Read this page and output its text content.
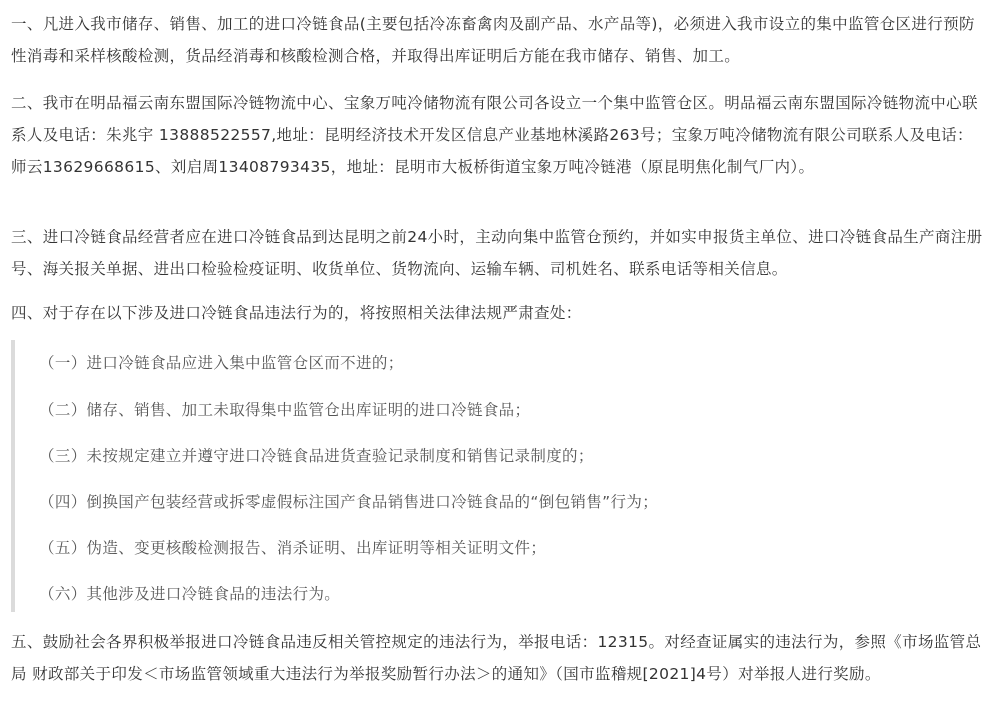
一、凡进入我市储存、销售、加工的进口冷链食品(主要包括冷冻畜禽肉及副产品、水产品等)，必须进入我市设立的集中监管仓区进行预防性消毒和采样核酸检测，货品经消毒和核酸检测合格，并取得出库证明后方能在我市储存、销售、加工。

二、我市在明品福云南东盟国际冷链物流中心、宝象万吨冷储物流有限公司各设立一个集中监管仓区。明品福云南东盟国际冷链物流中心联系人及电话：朱兆宇 13888522557,地址：昆明经济技术开发区信息产业基地林溪路263号；宝象万吨冷储物流有限公司联系人及电话：师云13629668615、刘启周13408793435，地址：昆明市大板桥街道宝象万吨冷链港（原昆明焦化制气厂内）。

三、进口冷链食品经营者应在进口冷链食品到达昆明之前24小时，主动向集中监管仓预约，并如实申报货主单位、进口冷链食品生产商注册号、海关报关单据、进出口检验检疫证明、收货单位、货物流向、运输车辆、司机姓名、联系电话等相关信息。

四、对于存在以下涉及进口冷链食品违法行为的，将按照相关法律法规严肃查处：

（一）进口冷链食品应进入集中监管仓区而不进的；

（二）储存、销售、加工未取得集中监管仓出库证明的进口冷链食品；

（三）未按规定建立并遵守进口冷链食品进货查验记录制度和销售记录制度的；

（四）倒换国产包装经营或拆零虚假标注国产食品销售进口冷链食品的“倒包销售”行为；

（五）伪造、变更核酸检测报告、消杀证明、出库证明等相关证明文件；

（六）其他涉及进口冷链食品的违法行为。

五、鼓励社会各界积极举报进口冷链食品违反相关管控规定的违法行为，举报电话：12315。对经查证属实的违法行为，参照《市场监管总局 财政部关于印发＜市场监管领域重大违法行为举报奖励暂行办法＞的通知》（国市监稽规[2021]4号）对举报人进行奖励。
